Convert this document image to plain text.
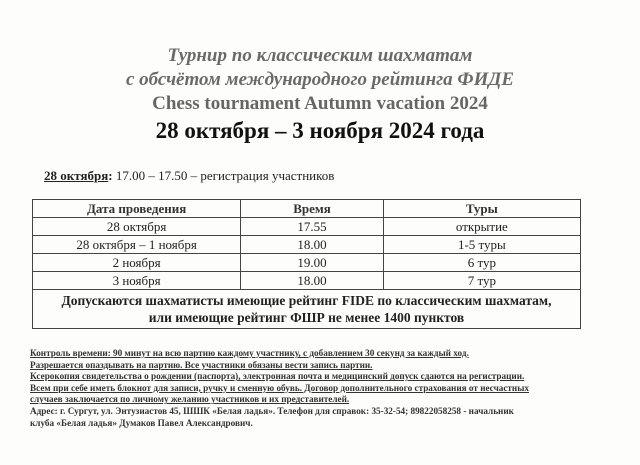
Турнир по классическим шахматам
с обсчётом международного рейтинга ФИДЕ
Chess tournament Autumn vacation 2024
28 октября – 3 ноября 2024 года
28 октября: 17.00 – 17.50 – регистрация участников
Дата проведения	Время	Туры
28 октября	17.55	открытие
28 октября – 1 ноября	18.00	1-5 туры
2 ноября	19.00	6 тур
3 ноября	18.00	7 тур

Допускаются шахматисты имеющие рейтинг FIDE по классическим шахматам,
или имеющие рейтинг ФШР не менее 1400 пунктов		

Контроль времени: 90 минут на всю партию каждому участнику, с добавлением 30 секунд за каждый ход.

Разрешается опаздывать на партию. Все участники обязаны вести запись партии.

Ксерокопия свидетельства о рождении (паспорта), электронная почта и медицинский допуск сдаются на регистрации.

Всем при себе иметь блокнот для записи, ручку и сменную обувь. Договор дополнительного страхования от несчастных

случаев заключается по личному желанию участников и их представителей.

Адрес: г. Сургут, ул. Энтузиастов 45, ШШК «Белая ладья». Телефон для справок: 35-32-54; 89822058258 - начальник

клуба «Белая ладья» Думаков Павел Александрович.
